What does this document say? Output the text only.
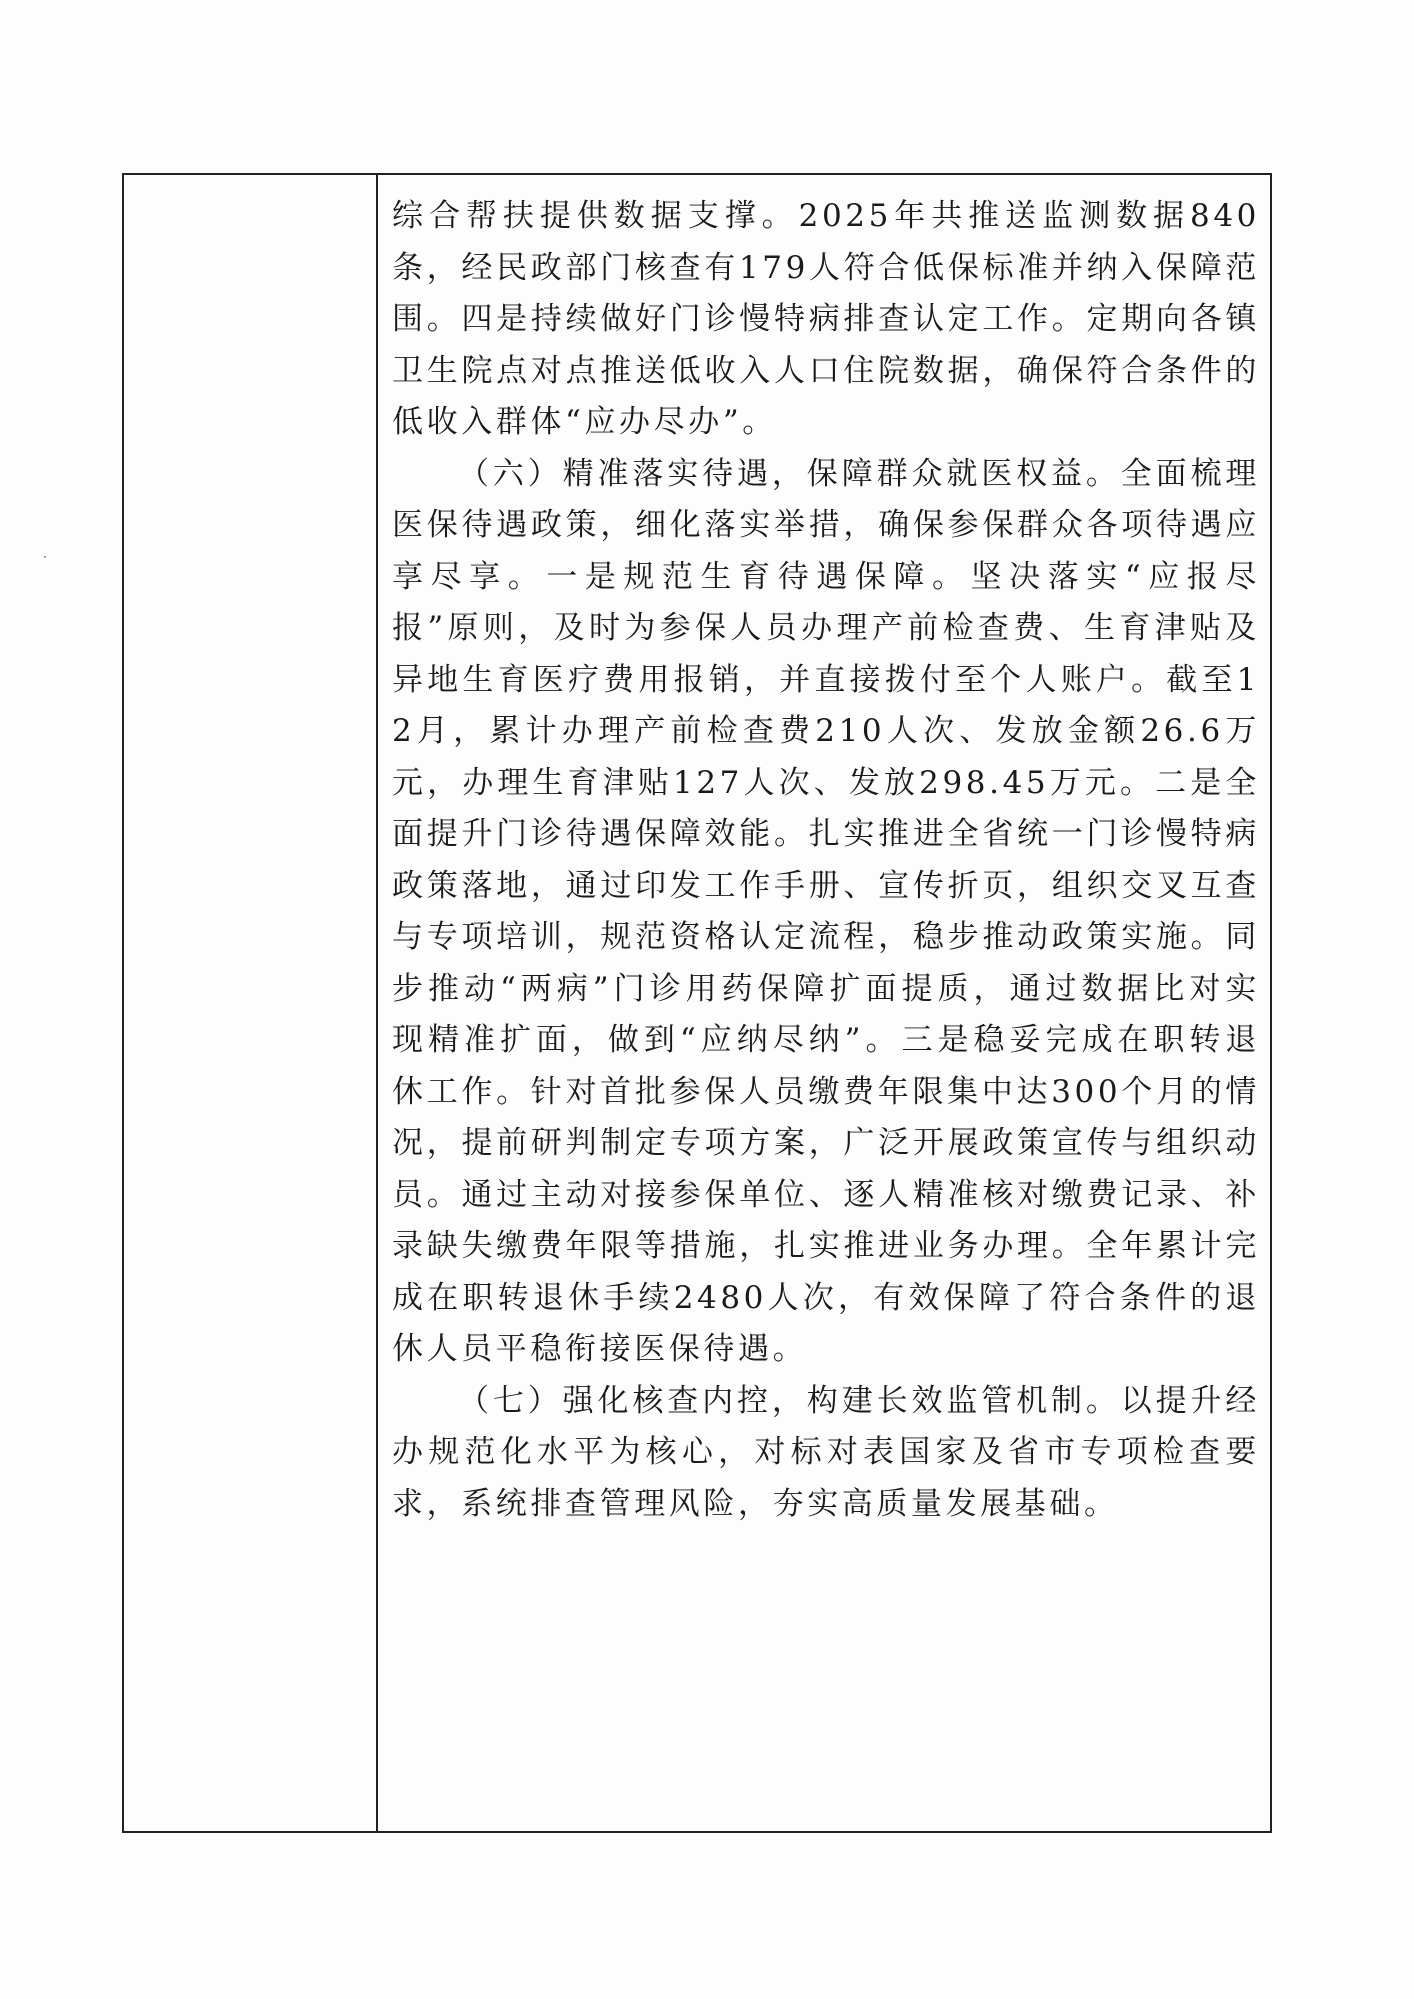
综合帮扶提供数据支撑。2025年共推送监测数据840条，经民政部门核查有179人符合低保标准并纳入保障范围。四是持续做好门诊慢特病排查认定工作。定期向各镇卫生院点对点推送低收入人口住院数据，确保符合条件的低收入群体“应办尽办”。

（六）精准落实待遇，保障群众就医权益。全面梳理医保待遇政策，细化落实举措，确保参保群众各项待遇应享尽享。一是规范生育待遇保障。坚决落实“应报尽报”原则，及时为参保人员办理产前检查费、生育津贴及异地生育医疗费用报销，并直接拨付至个人账户。截至12月，累计办理产前检查费210人次、发放金额26.6万元，办理生育津贴127人次、发放298.45万元。二是全面提升门诊待遇保障效能。扎实推进全省统一门诊慢特病政策落地，通过印发工作手册、宣传折页，组织交叉互查与专项培训，规范资格认定流程，稳步推动政策实施。同步推动“两病”门诊用药保障扩面提质，通过数据比对实现精准扩面，做到“应纳尽纳”。三是稳妥完成在职转退休工作。针对首批参保人员缴费年限集中达300个月的情况，提前研判制定专项方案，广泛开展政策宣传与组织动员。通过主动对接参保单位、逐人精准核对缴费记录、补录缺失缴费年限等措施，扎实推进业务办理。全年累计完成在职转退休手续2480人次，有效保障了符合条件的退休人员平稳衔接医保待遇。

（七）强化核查内控，构建长效监管机制。以提升经办规范化水平为核心，对标对表国家及省市专项检查要求，系统排查管理风险，夯实高质量发展基础。
